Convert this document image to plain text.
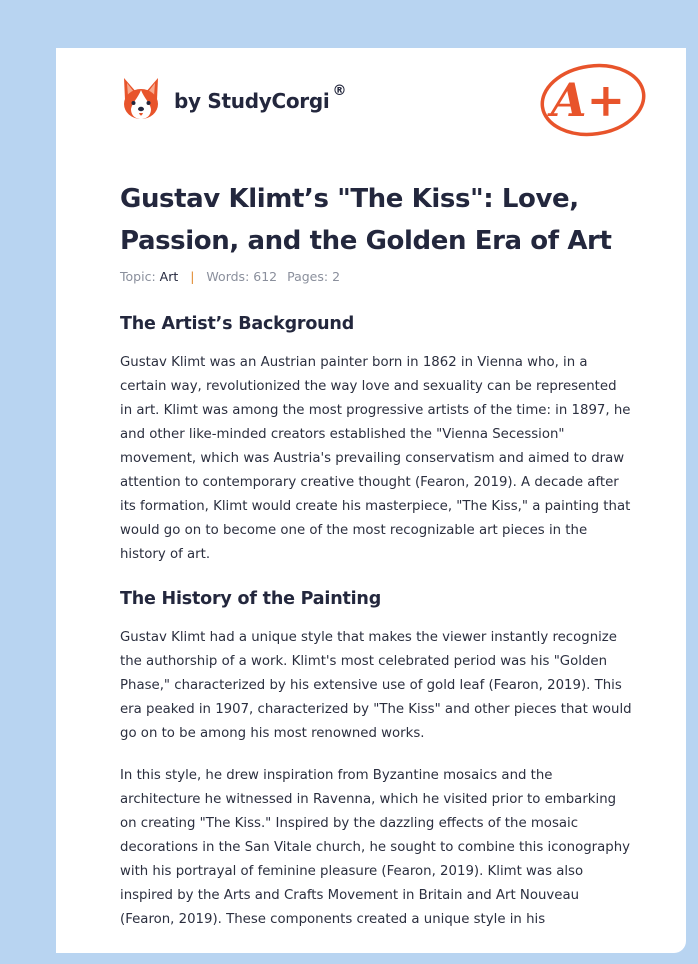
by StudyCorgi ®	A+
Gustav Klimt’s "The Kiss": Love, Passion, and the Golden Era of Art
Topic: Art | Words: 612 Pages: 2
The Artist’s Background

Gustav Klimt was an Austrian painter born in 1862 in Vienna who, in a certain way, revolutionized the way love and sexuality can be represented in art. Klimt was among the most progressive artists of the time: in 1897, he and other like-minded creators established the "Vienna Secession" movement, which was Austria's prevailing conservatism and aimed to draw attention to contemporary creative thought (Fearon, 2019). A decade after its formation, Klimt would create his masterpiece, "The Kiss," a painting that would go on to become one of the most recognizable art pieces in the history of art.

The History of the Painting

Gustav Klimt had a unique style that makes the viewer instantly recognize the authorship of a work. Klimt's most celebrated period was his "Golden Phase," characterized by his extensive use of gold leaf (Fearon, 2019). This era peaked in 1907, characterized by "The Kiss" and other pieces that would go on to be among his most renowned works.

In this style, he drew inspiration from Byzantine mosaics and the architecture he witnessed in Ravenna, which he visited prior to embarking on creating "The Kiss." Inspired by the dazzling effects of the mosaic decorations in the San Vitale church, he sought to combine this iconography with his portrayal of feminine pleasure (Fearon, 2019). Klimt was also inspired by the Arts and Crafts Movement in Britain and Art Nouveau (Fearon, 2019). These components created a unique style in his
